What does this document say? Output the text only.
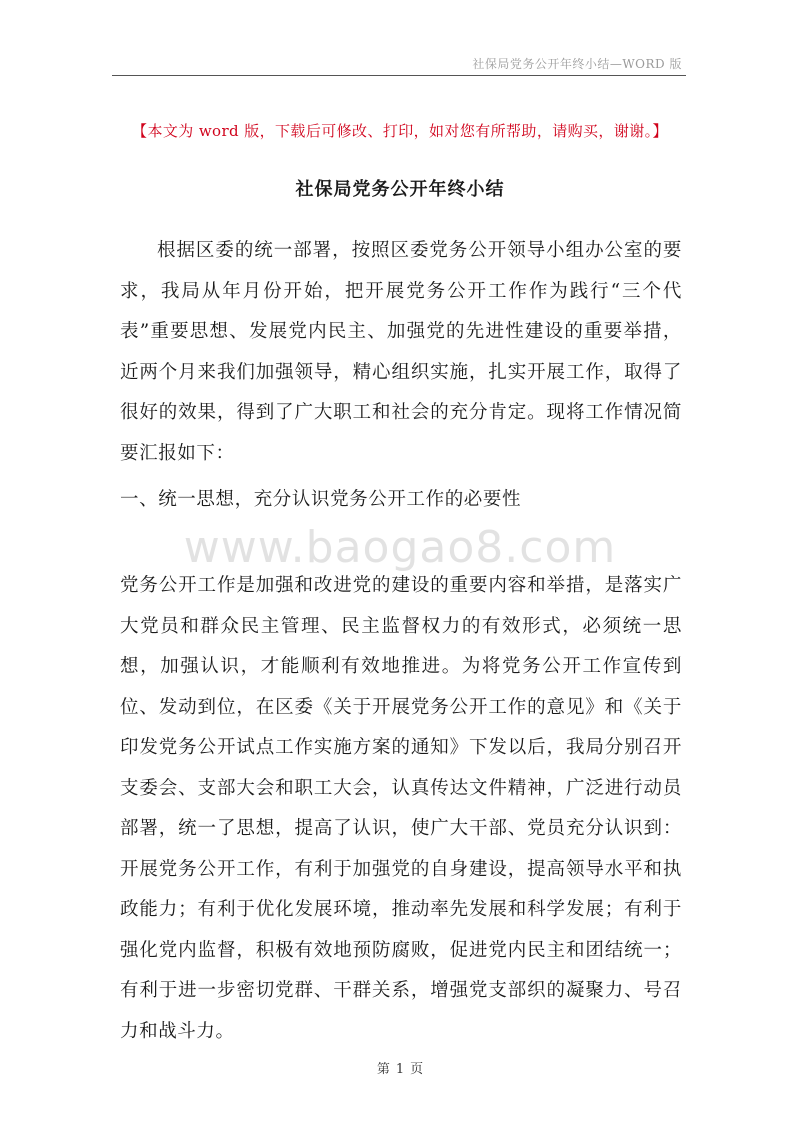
社保局党务公开年终小结—WORD 版
【本文为 word 版，下载后可修改、打印，如对您有所帮助，请购买，谢谢。】
社保局党务公开年终小结
根据区委的统一部署，按照区委党务公开领导小组办公室的要求，我局从年月份开始，把开展党务公开工作作为践行“三个代表”重要思想、发展党内民主、加强党的先进性建设的重要举措，近两个月来我们加强领导，精心组织实施，扎实开展工作，取得了很好的效果，得到了广大职工和社会的充分肯定。现将工作情况简要汇报如下：
一、统一思想，充分认识党务公开工作的必要性
www.baogao8.com
党务公开工作是加强和改进党的建设的重要内容和举措，是落实广大党员和群众民主管理、民主监督权力的有效形式，必须统一思想，加强认识，才能顺利有效地推进。为将党务公开工作宣传到位、发动到位，在区委《关于开展党务公开工作的意见》和《关于印发党务公开试点工作实施方案的通知》下发以后，我局分别召开支委会、支部大会和职工大会，认真传达文件精神，广泛进行动员部署，统一了思想，提高了认识，使广大干部、党员充分认识到：开展党务公开工作，有利于加强党的自身建设，提高领导水平和执政能力；有利于优化发展环境，推动率先发展和科学发展；有利于强化党内监督，积极有效地预防腐败，促进党内民主和团结统一；有利于进一步密切党群、干群关系，增强党支部织的凝聚力、号召力和战斗力。
第 1 页
